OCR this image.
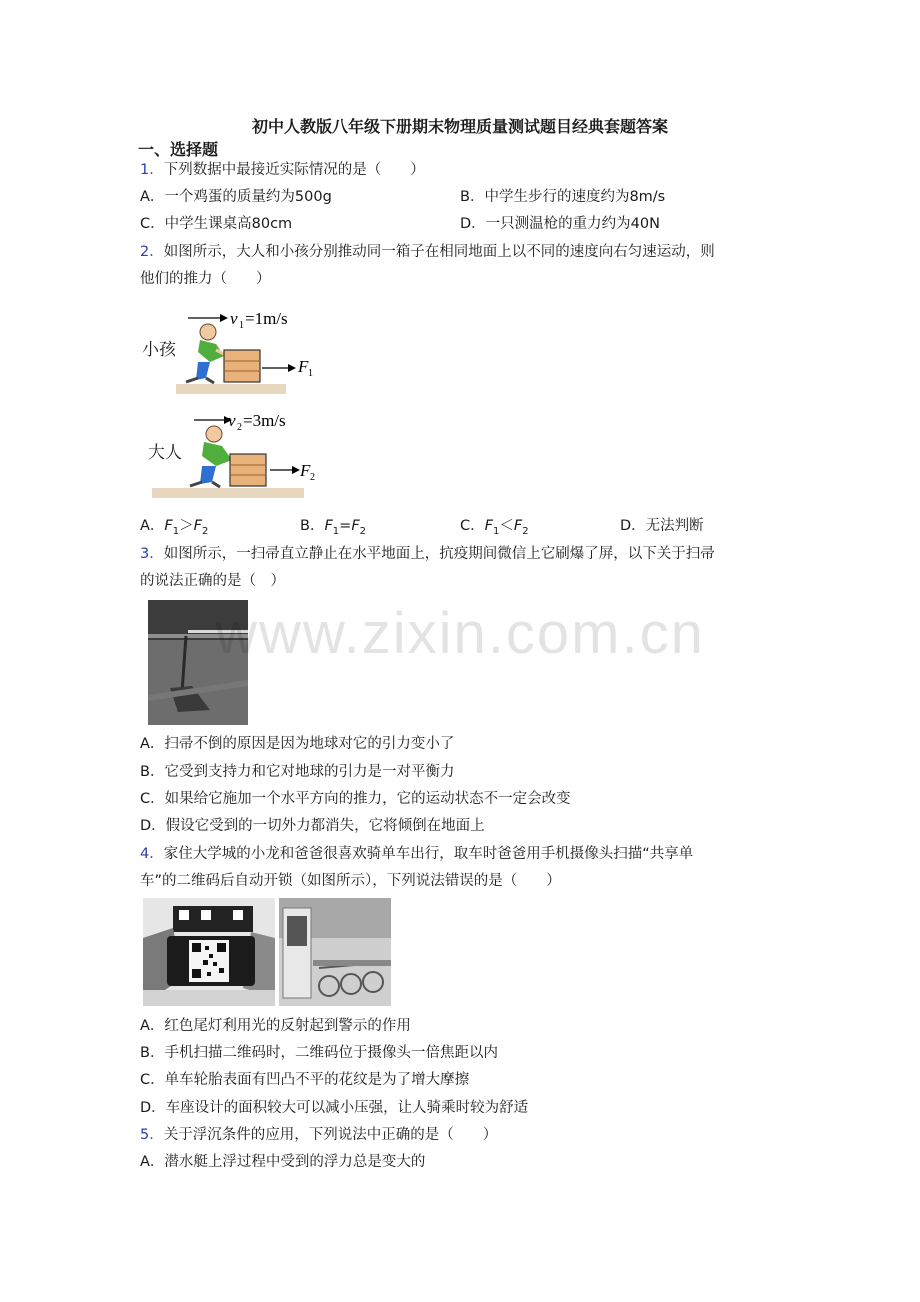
初中人教版八年级下册期末物理质量测试题目经典套题答案
一、选择题
1．下列数据中最接近实际情况的是（　　）
A．一个鸡蛋的质量约为500g	B．中学生步行的速度约为8m/s
C．中学生课桌高80cm	D．一只测温枪的重力约为40N
2．如图所示，大人和小孩分别推动同一箱子在相同地面上以不同的速度向右匀速运动，则
他们的推力（　　）
v 1 =1m/s
小孩
F 1
v 2 =3m/s
大人
F 2
A．$F_1>F_2$	B．$F_1=F_2$	C．$F_1<F_2$	D．无法判断
3．如图所示，一扫帚直立静止在水平地面上，抗疫期间微信上它刷爆了屏，以下关于扫帚
的说法正确的是（　）
A．扫帚不倒的原因是因为地球对它的引力变小了
B．它受到支持力和它对地球的引力是一对平衡力
C．如果给它施加一个水平方向的推力，它的运动状态不一定会改变
D．假设它受到的一切外力都消失，它将倾倒在地面上
4．家住大学城的小龙和爸爸很喜欢骑单车出行，取车时爸爸用手机摄像头扫描“共享单
车”的二维码后自动开锁（如图所示），下列说法错误的是（　　）
A．红色尾灯利用光的反射起到警示的作用
B．手机扫描二维码时，二维码位于摄像头一倍焦距以内
C．单车轮胎表面有凹凸不平的花纹是为了增大摩擦
D．车座设计的面积较大可以减小压强，让人骑乘时较为舒适
5．关于浮沉条件的应用，下列说法中正确的是（　　）
A．潜水艇上浮过程中受到的浮力总是变大的
www.zixin.com.cn
